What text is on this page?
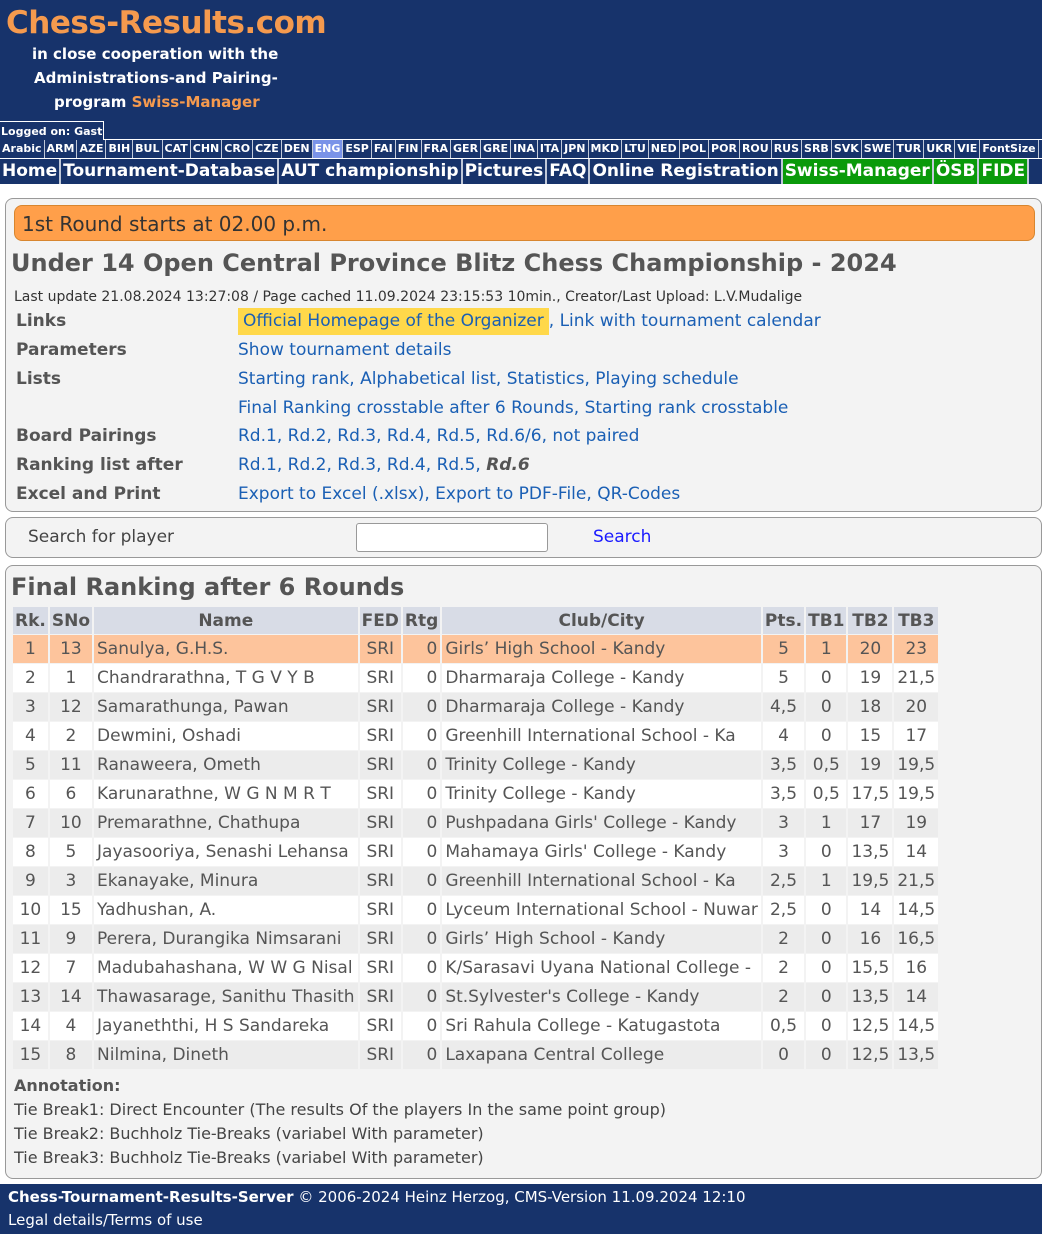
Chess-Results.com
in close cooperation with the
Administrations-and Pairing-
program Swiss-Manager
Logged on: Gast
Arabic ARM AZE BIH BUL CAT CHN CRO CZE DEN ENG ESP FAI FIN FRA GER GRE INA ITA JPN MKD LTU NED POL POR ROU RUS SRB SVK SWE TUR UKR VIE FontSize
Home Tournament-Database AUT championship Pictures FAQ Online Registration Swiss-Manager ÖSB FIDE
1st Round starts at 02.00 p.m.
Under 14 Open Central Province Blitz Chess Championship - 2024
Last update 21.08.2024 13:27:08 / Page cached 11.09.2024 23:15:53 10min., Creator/Last Upload: L.V.Mudalige
Links	Official Homepage of the Organizer , Link with tournament calendar
Parameters	Show tournament details
Lists	Starting rank, Alphabetical list, Statistics, Playing schedule
Final Ranking crosstable after 6 Rounds, Starting rank crosstable
Board Pairings	Rd.1, Rd.2, Rd.3, Rd.4, Rd.5, Rd.6/6, not paired
Ranking list after	Rd.1, Rd.2, Rd.3, Rd.4, Rd.5, Rd.6
Excel and Print	Export to Excel (.xlsx), Export to PDF-File, QR-Codes
Search for player	Search
Final Ranking after 6 Rounds
Rk.	SNo	Name	FED	Rtg	Club/City	Pts.	TB1	TB2	TB3
1	13	Sanulya, G.H.S.	SRI	0	Girls’ High School - Kandy	5	1	20	23
2	1	Chandrarathna, T G V Y B	SRI	0	Dharmaraja College - Kandy	5	0	19	21,5
3	12	Samarathunga, Pawan	SRI	0	Dharmaraja College - Kandy	4,5	0	18	20
4	2	Dewmini, Oshadi	SRI	0	Greenhill International School - Ka	4	0	15	17
5	11	Ranaweera, Ometh	SRI	0	Trinity College - Kandy	3,5	0,5	19	19,5
6	6	Karunarathne, W G N M R T	SRI	0	Trinity College - Kandy	3,5	0,5	17,5	19,5
7	10	Premarathne, Chathupa	SRI	0	Pushpadana Girls' College - Kandy	3	1	17	19
8	5	Jayasooriya, Senashi Lehansa	SRI	0	Mahamaya Girls' College - Kandy	3	0	13,5	14
9	3	Ekanayake, Minura	SRI	0	Greenhill International School - Ka	2,5	1	19,5	21,5
10	15	Yadhushan, A.	SRI	0	Lyceum International School - Nuwar	2,5	0	14	14,5
11	9	Perera, Durangika Nimsarani	SRI	0	Girls’ High School - Kandy	2	0	16	16,5
12	7	Madubahashana, W W G Nisal	SRI	0	K/Sarasavi Uyana National College -	2	0	15,5	16
13	14	Thawasarage, Sanithu Thasith	SRI	0	St.Sylvester's College - Kandy	2	0	13,5	14
14	4	Jayaneththi, H S Sandareka	SRI	0	Sri Rahula College - Katugastota	0,5	0	12,5	14,5
15	8	Nilmina, Dineth	SRI	0	Laxapana Central College	0	0	12,5	13,5
Annotation:
Tie Break1: Direct Encounter (The results Of the players In the same point group)
Tie Break2: Buchholz Tie-Breaks (variabel With parameter)
Tie Break3: Buchholz Tie-Breaks (variabel With parameter)
Chess-Tournament-Results-Server © 2006-2024 Heinz Herzog, CMS-Version 11.09.2024 12:10
Legal details/Terms of use
